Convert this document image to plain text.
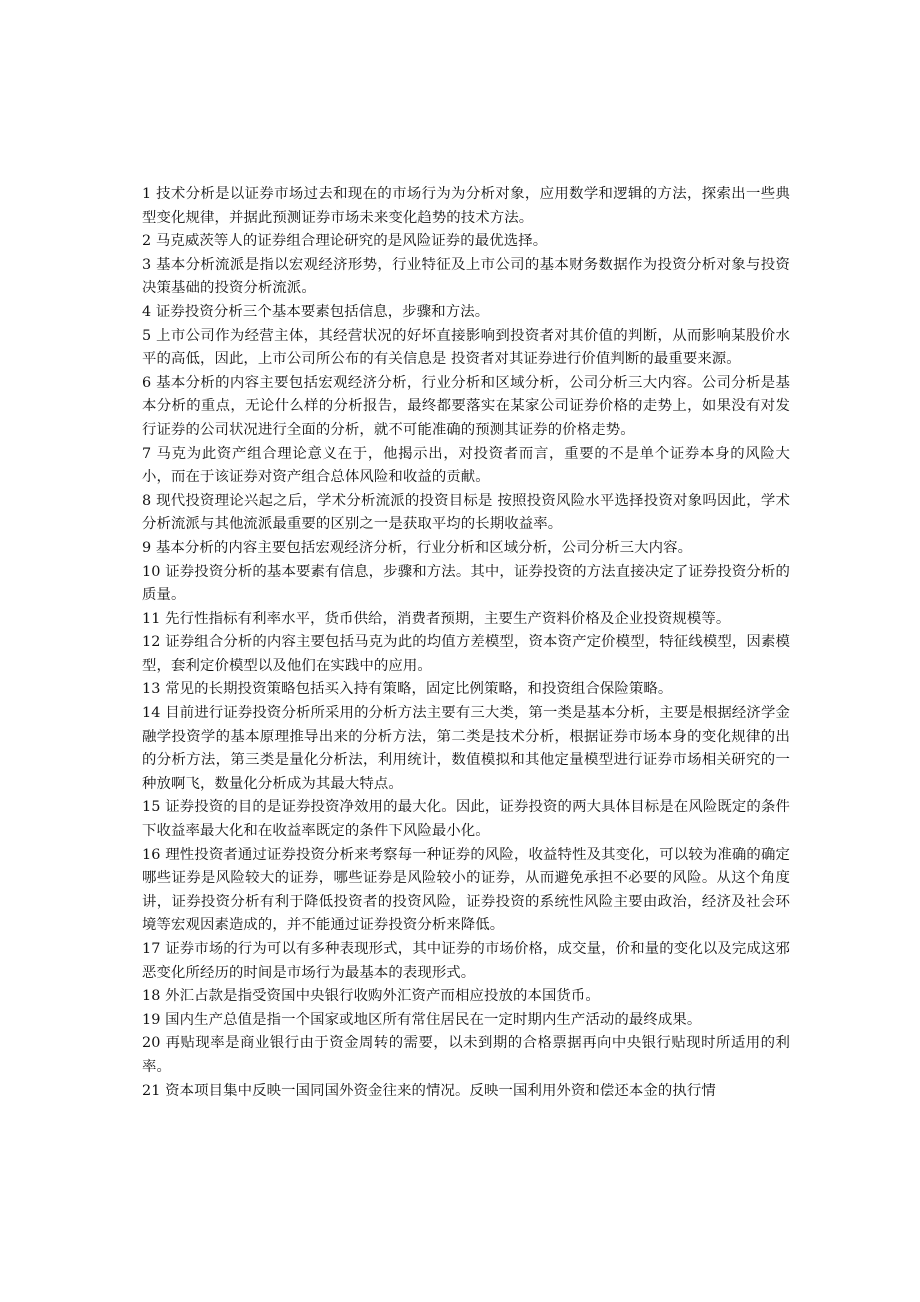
1 技术分析是以证券市场过去和现在的市场行为为分析对象，应用数学和逻辑的方法，探索出一些典型变化规律，并据此预测证券市场未来变化趋势的技术方法。

2 马克威茨等人的证券组合理论研究的是风险证券的最优选择。

3 基本分析流派是指以宏观经济形势，行业特征及上市公司的基本财务数据作为投资分析对象与投资决策基础的投资分析流派。

4 证券投资分析三个基本要素包括信息，步骤和方法。

5 上市公司作为经营主体，其经营状况的好坏直接影响到投资者对其价值的判断，从而影响某股价水平的高低，因此，上市公司所公布的有关信息是 投资者对其证券进行价值判断的最重要来源。

6 基本分析的内容主要包括宏观经济分析，行业分析和区域分析，公司分析三大内容。公司分析是基本分析的重点，无论什么样的分析报告，最终都要落实在某家公司证券价格的走势上，如果没有对发行证券的公司状况进行全面的分析，就不可能准确的预测其证券的价格走势。

7 马克为此资产组合理论意义在于，他揭示出，对投资者而言，重要的不是单个证券本身的风险大小，而在于该证券对资产组合总体风险和收益的贡献。

8 现代投资理论兴起之后，学术分析流派的投资目标是 按照投资风险水平选择投资对象吗因此，学术分析流派与其他流派最重要的区别之一是获取平均的长期收益率。

9 基本分析的内容主要包括宏观经济分析，行业分析和区域分析，公司分析三大内容。

10 证券投资分析的基本要素有信息，步骤和方法。其中，证券投资的方法直接决定了证券投资分析的质量。

11 先行性指标有利率水平，货币供给，消费者预期，主要生产资料价格及企业投资规模等。

12 证券组合分析的内容主要包括马克为此的均值方差模型，资本资产定价模型，特征线模型，因素模型，套利定价模型以及他们在实践中的应用。

13 常见的长期投资策略包括买入持有策略，固定比例策略，和投资组合保险策略。

14 目前进行证券投资分析所采用的分析方法主要有三大类，第一类是基本分析，主要是根据经济学金融学投资学的基本原理推导出来的分析方法，第二类是技术分析，根据证券市场本身的变化规律的出的分析方法，第三类是量化分析法，利用统计，数值模拟和其他定量模型进行证券市场相关研究的一种放啊飞，数量化分析成为其最大特点。

15 证券投资的目的是证券投资净效用的最大化。因此，证券投资的两大具体目标是在风险既定的条件下收益率最大化和在收益率既定的条件下风险最小化。

16 理性投资者通过证券投资分析来考察每一种证券的风险，收益特性及其变化，可以较为准确的确定哪些证券是风险较大的证券，哪些证券是风险较小的证券，从而避免承担不必要的风险。从这个角度讲，证券投资分析有利于降低投资者的投资风险，证券投资的系统性风险主要由政治，经济及社会环境等宏观因素造成的，并不能通过证券投资分析来降低。

17 证券市场的行为可以有多种表现形式，其中证券的市场价格，成交量，价和量的变化以及完成这邪恶变化所经历的时间是市场行为最基本的表现形式。

18 外汇占款是指受资国中央银行收购外汇资产而相应投放的本国货币。

19 国内生产总值是指一个国家或地区所有常住居民在一定时期内生产活动的最终成果。

20 再贴现率是商业银行由于资金周转的需要，以未到期的合格票据再向中央银行贴现时所适用的利率。

21 资本项目集中反映一国同国外资金往来的情况。反映一国利用外资和偿还本金的执行情
